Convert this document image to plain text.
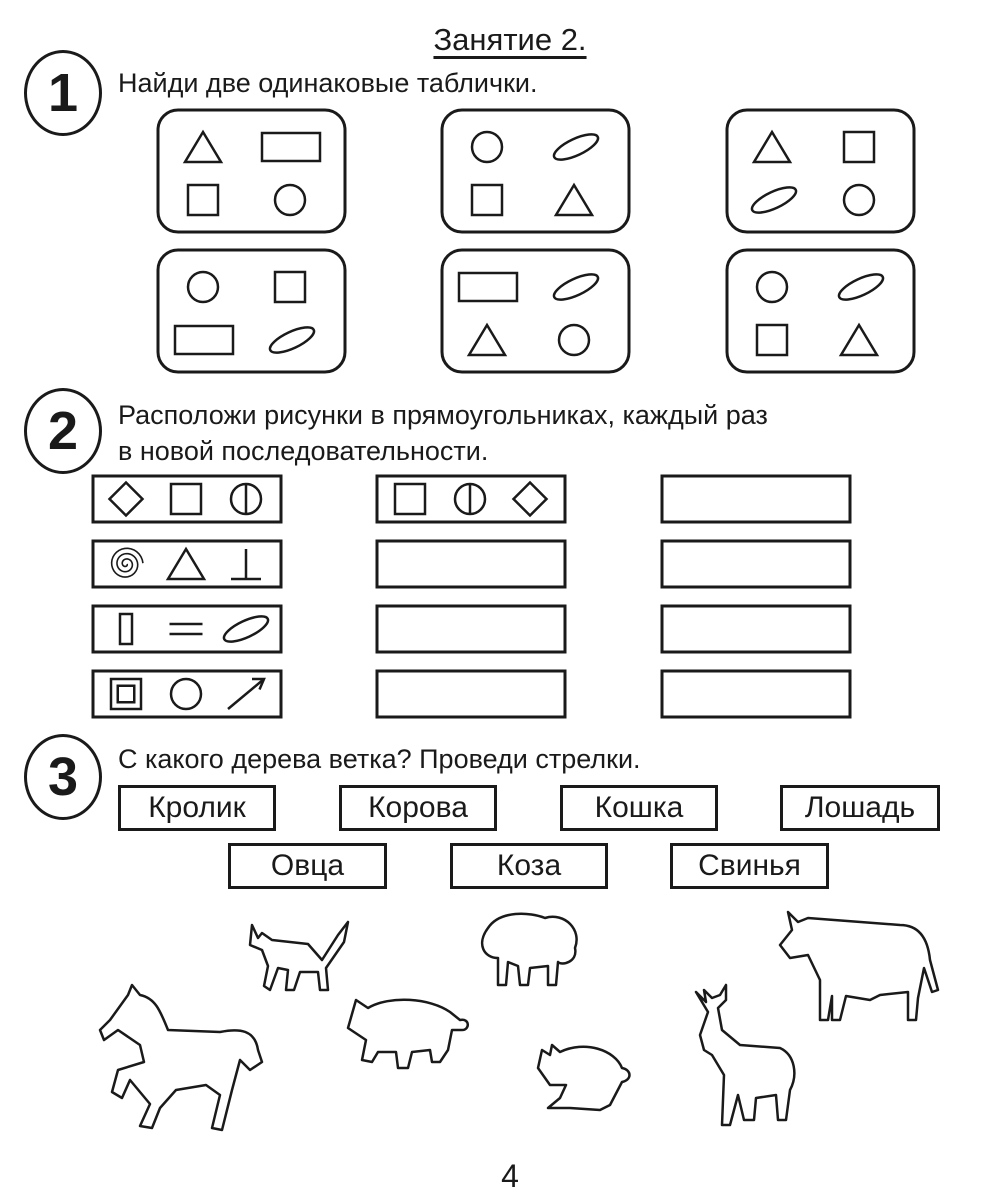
Занятие 2.
1	Найди две одинаковые таблички.
2	Расположи рисунки в прямоугольниках, каждый раз
в новой последовательности.
3	С какого дерева ветка? Проведи стрелки.
Кролик	Корова	Кошка	Лошадь
Овца	Коза	Свинья
4
